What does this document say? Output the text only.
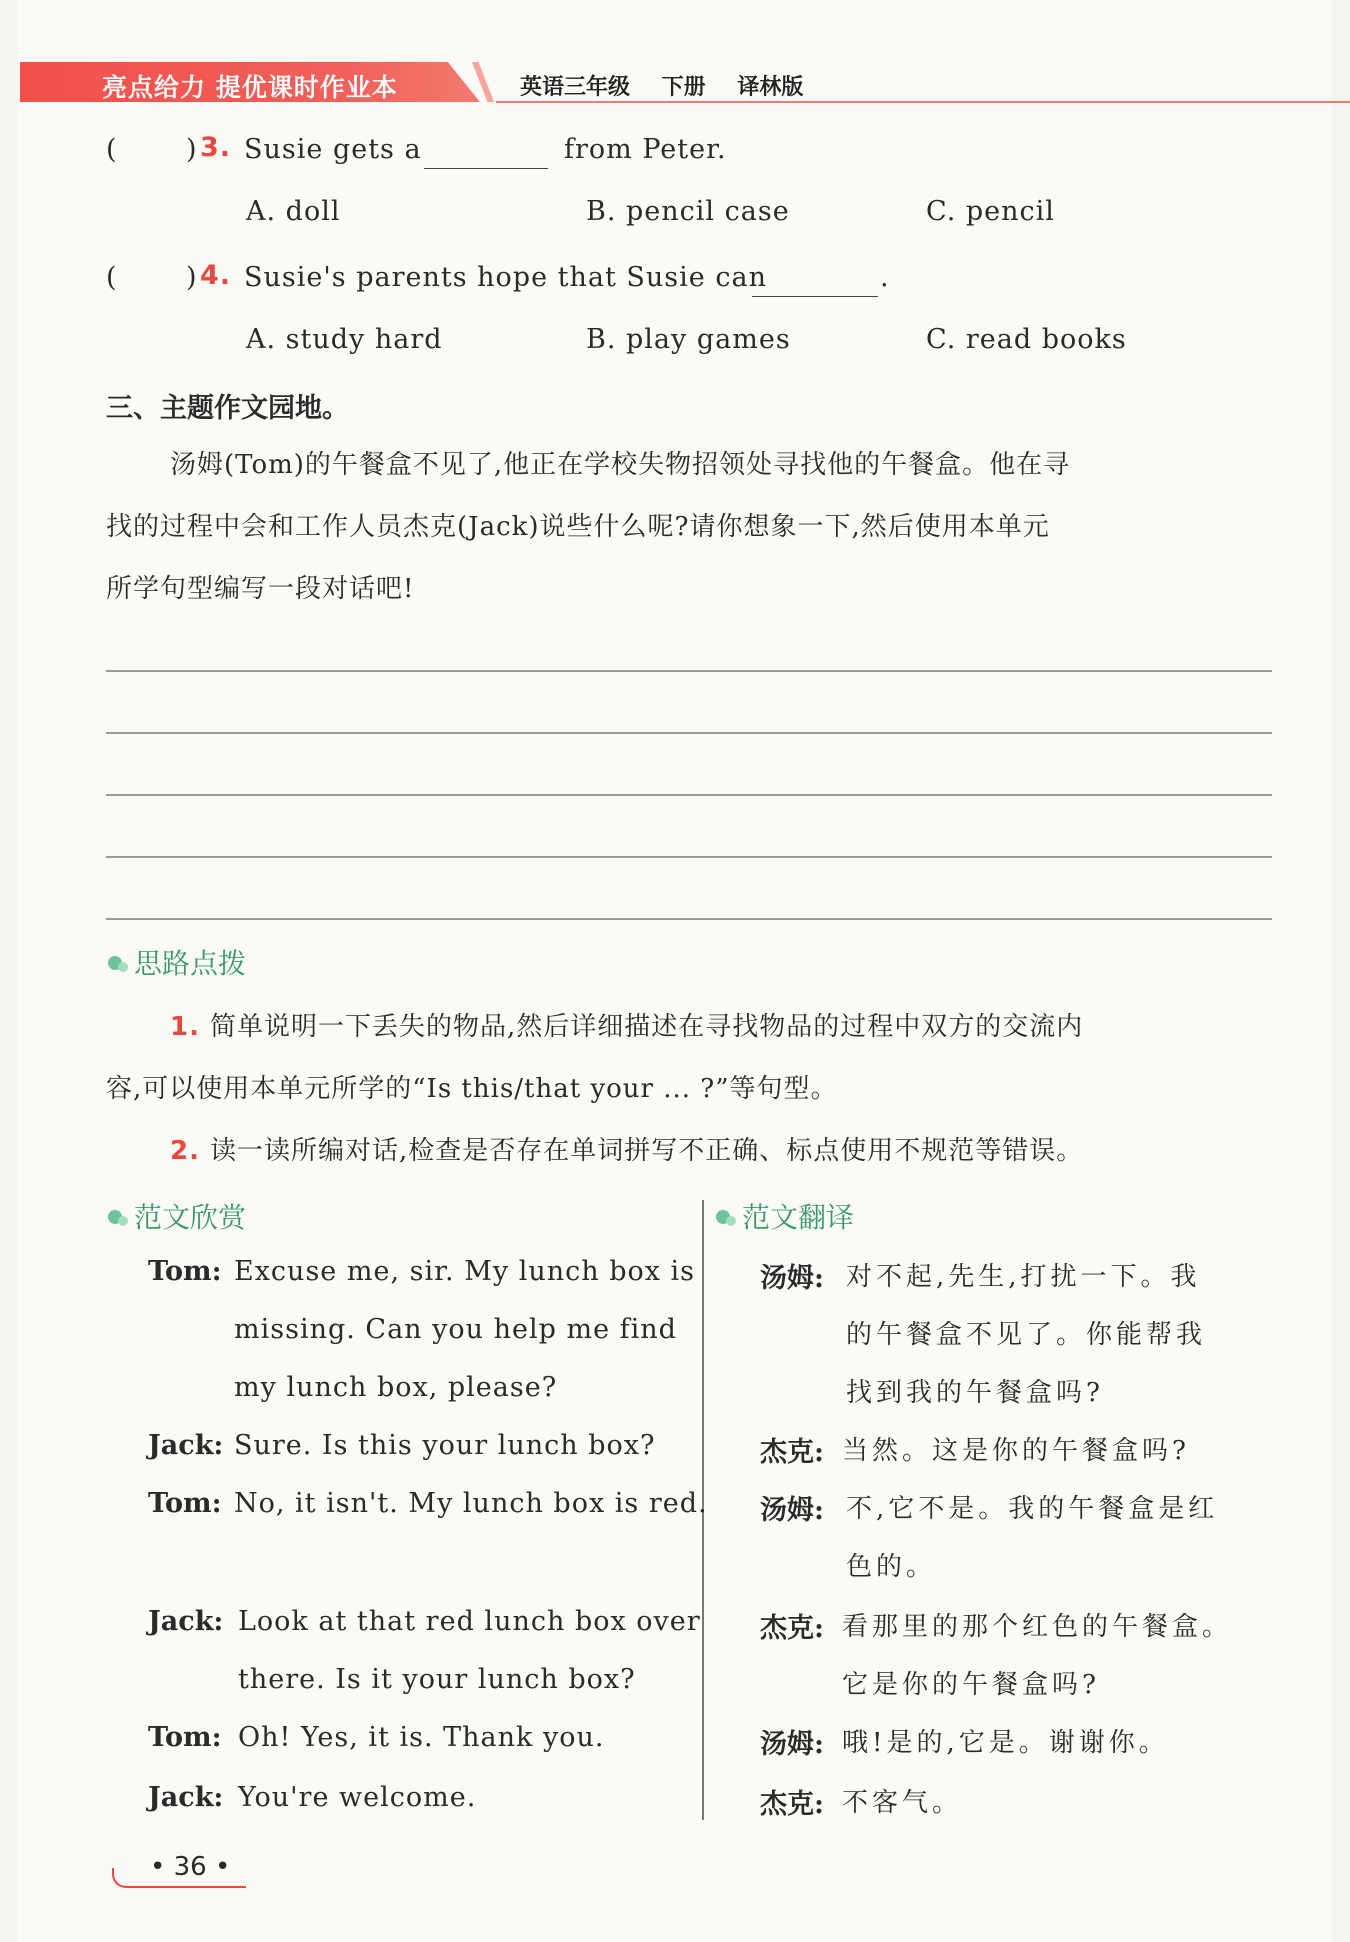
亮点给力 提优课时作业本	英语三年级 下册 译林版
(	) 3. Susie gets a	from Peter.
A. doll	B. pencil case	C. pencil
(	) 4. Susie's parents hope that Susie can	.
A. study hard	B. play games	C. read books
三、主题作文园地。
汤姆(Tom)的午餐盒不见了,他正在学校失物招领处寻找他的午餐盒。他在寻
找的过程中会和工作人员杰克(Jack)说些什么呢?请你想象一下,然后使用本单元
所学句型编写一段对话吧!
思路点拨
1. 简单说明一下丢失的物品,然后详细描述在寻找物品的过程中双方的交流内
容,可以使用本单元所学的“Is this/that your ... ?”等句型。
2. 读一读所编对话,检查是否存在单词拼写不正确、标点使用不规范等错误。
范文欣赏	范文翻译
Tom: Excuse me, sir. My lunch box is
missing. Can you help me find
my lunch box, please?
Jack: Sure. Is this your lunch box?
Tom: No, it isn't. My lunch box is red.
Jack: Look at that red lunch box over
there. Is it your lunch box?
Tom: Oh! Yes, it is. Thank you.
Jack: You're welcome.
汤姆: 对不起,先生,打扰一下。我
的午餐盒不见了。你能帮我
找到我的午餐盒吗?
杰克: 当然。这是你的午餐盒吗?
汤姆: 不,它不是。我的午餐盒是红
色的。
杰克: 看那里的那个红色的午餐盒。
它是你的午餐盒吗?
汤姆: 哦!是的,它是。谢谢你。
杰克: 不客气。
• 36 •
